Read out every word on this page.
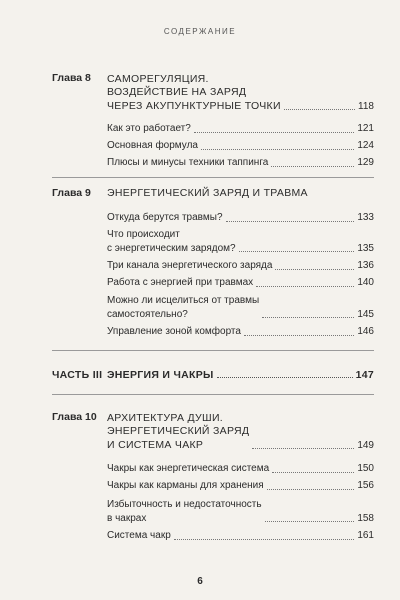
СОДЕРЖАНИЕ
Глава 8 САМОРЕГУЛЯЦИЯ.
ВОЗДЕЙСТВИЕ НА ЗАРЯД
ЧЕРЕЗ АКУПУНКТУРНЫЕ ТОЧКИ	118
Как это работает?	121
Основная формула	124
Плюсы и минусы техники таппинга	129
Глава 9 ЭНЕРГЕТИЧЕСКИЙ ЗАРЯД И ТРАВМА
Откуда берутся травмы?	133
Что происходит
с энергетическим зарядом?	135
Три канала энергетического заряда	136
Работа с энергией при травмах	140
Можно ли исцелиться от травмы
самостоятельно?	145
Управление зоной комфорта	146
ЧАСТЬ III ЭНЕРГИЯ И ЧАКРЫ	147
Глава 10 АРХИТЕКТУРА ДУШИ.
ЭНЕРГЕТИЧЕСКИЙ ЗАРЯД
И СИСТЕМА ЧАКР	149
Чакры как энергетическая система	150
Чакры как карманы для хранения	156
Избыточность и недостаточность
в чакрах	158
Система чакр	161
6
